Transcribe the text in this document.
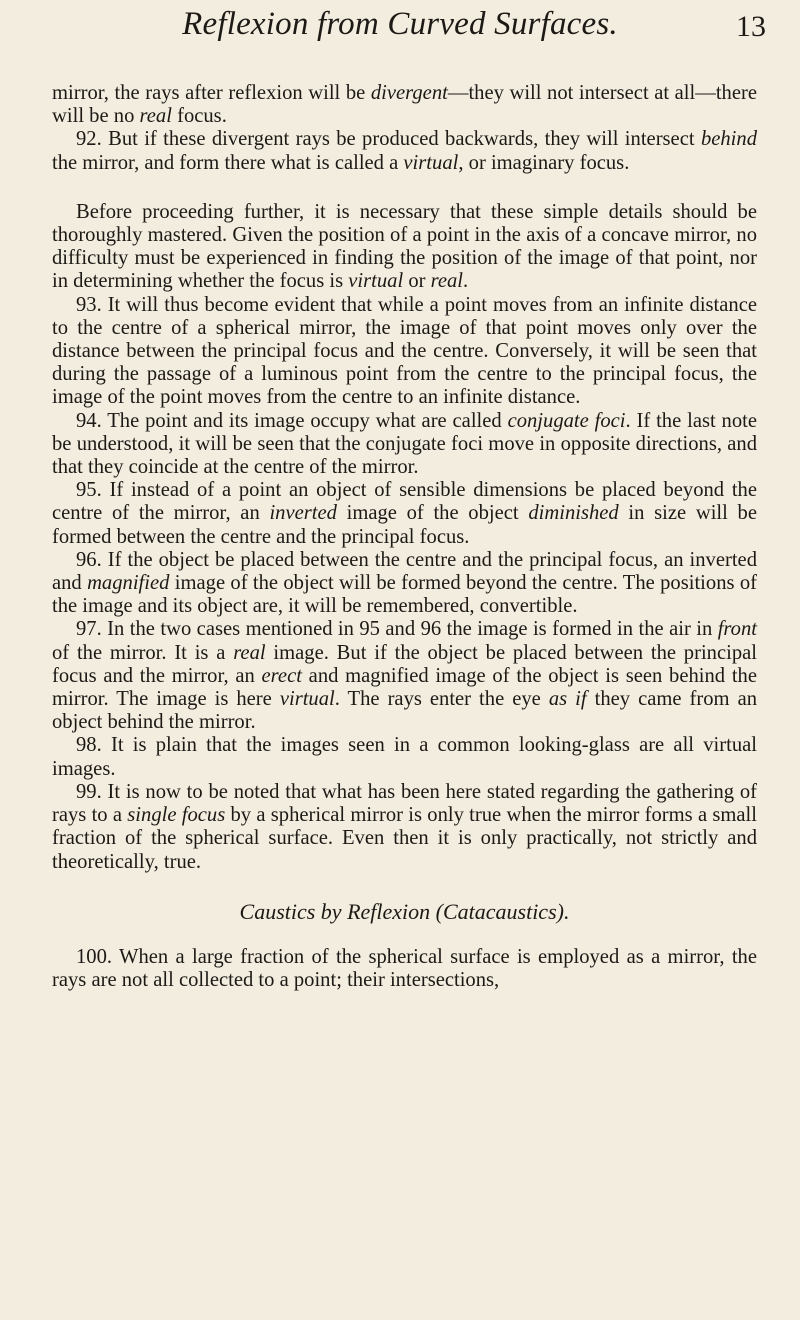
Reflexion from Curved Surfaces.	13

mirror, the rays after reflexion will be divergent—they will not intersect at all—there will be no real focus.

92. But if these divergent rays be produced backwards, they will intersect behind the mirror, and form there what is called a virtual, or imaginary focus.

Before proceeding further, it is necessary that these simple details should be thoroughly mastered. Given the position of a point in the axis of a concave mirror, no difficulty must be experienced in finding the position of the image of that point, nor in determining whether the focus is virtual or real.

93. It will thus become evident that while a point moves from an infinite distance to the centre of a spherical mirror, the image of that point moves only over the distance between the principal focus and the centre. Conversely, it will be seen that during the passage of a luminous point from the centre to the principal focus, the image of the point moves from the centre to an infinite distance.

94. The point and its image occupy what are called conjugate foci. If the last note be understood, it will be seen that the conjugate foci move in opposite directions, and that they coincide at the centre of the mirror.

95. If instead of a point an object of sensible dimensions be placed beyond the centre of the mirror, an inverted image of the object diminished in size will be formed between the centre and the principal focus.

96. If the object be placed between the centre and the principal focus, an inverted and magnified image of the object will be formed beyond the centre. The positions of the image and its object are, it will be remembered, convertible.

97. In the two cases mentioned in 95 and 96 the image is formed in the air in front of the mirror. It is a real image. But if the object be placed between the principal focus and the mirror, an erect and magnified image of the object is seen behind the mirror. The image is here virtual. The rays enter the eye as if they came from an object behind the mirror.

98. It is plain that the images seen in a common looking-glass are all virtual images.

99. It is now to be noted that what has been here stated regarding the gathering of rays to a single focus by a spherical mirror is only true when the mirror forms a small fraction of the spherical surface. Even then it is only practically, not strictly and theoretically, true.

Caustics by Reflexion (Catacaustics).

100. When a large fraction of the spherical surface is employed as a mirror, the rays are not all collected to a point; their intersections,
